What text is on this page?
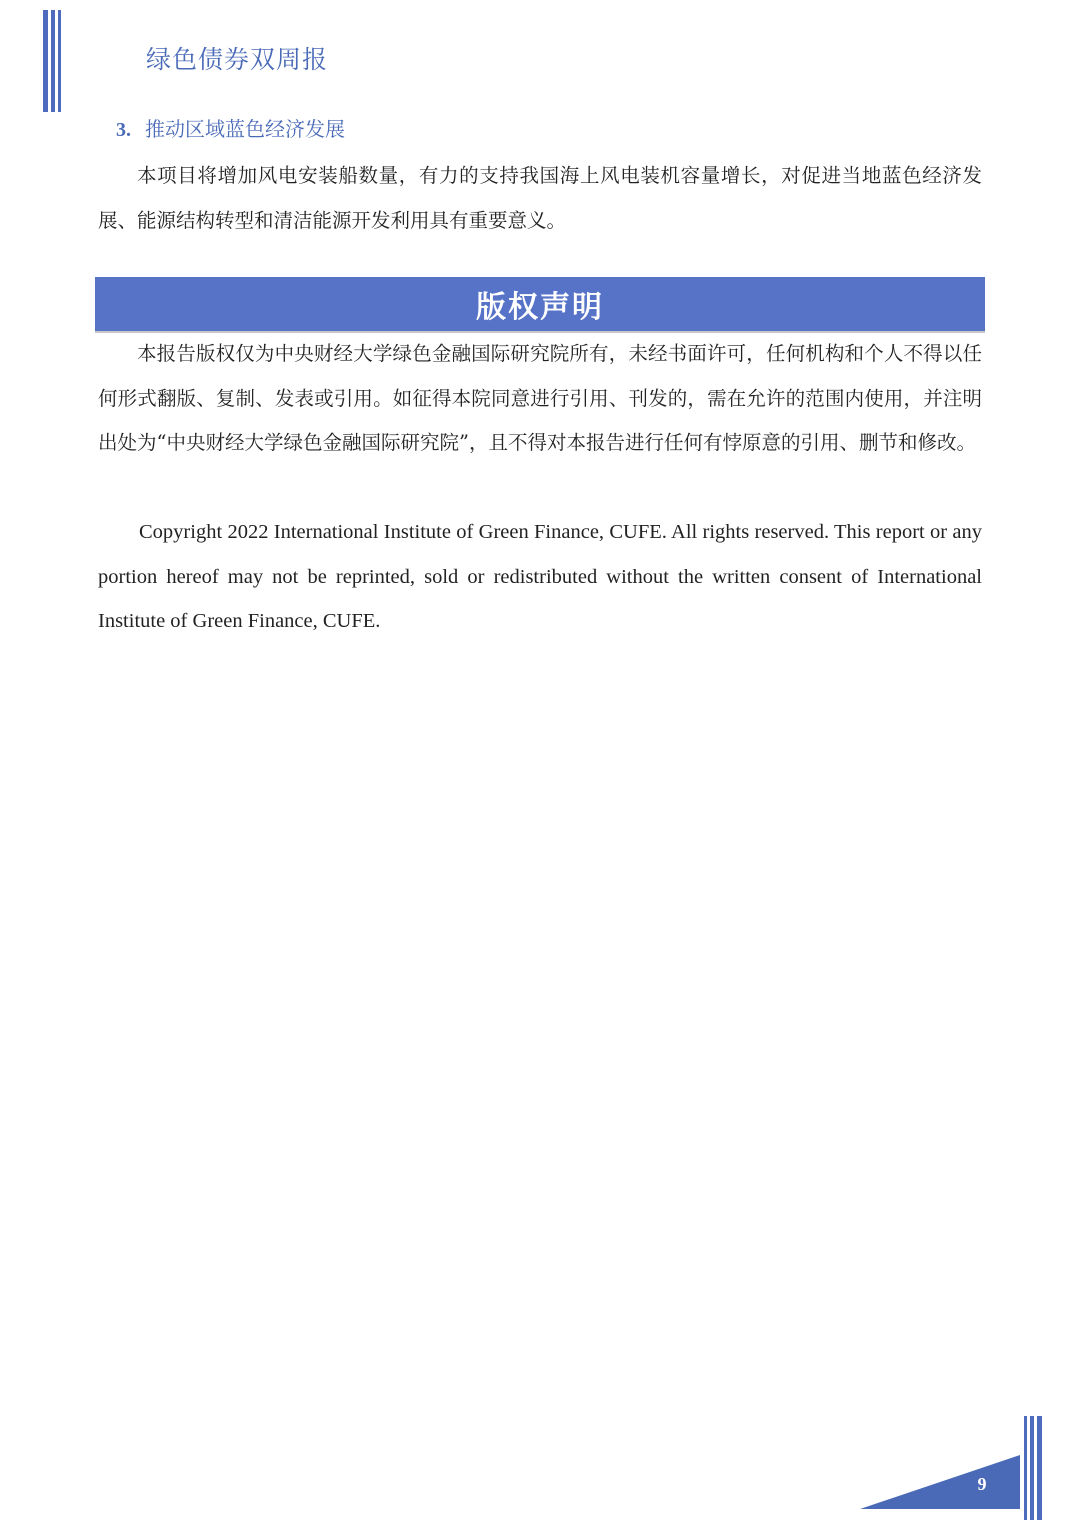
绿色债券双周报
3. 推动区域蓝色经济发展

本项目将增加风电安装船数量，有力的支持我国海上风电装机容量增长，对促进当地蓝色经济发展、能源结构转型和清洁能源开发利用具有重要意义。

版权声明

本报告版权仅为中央财经大学绿色金融国际研究院所有，未经书面许可，任何机构和个人不得以任何形式翻版、复制、发表或引用。如征得本院同意进行引用、刊发的，需在允许的范围内使用，并注明出处为“中央财经大学绿色金融国际研究院”，且不得对本报告进行任何有悖原意的引用、删节和修改。

Copyright 2022 International Institute of Green Finance, CUFE. All rights reserved. This report or any portion hereof may not be reprinted, sold or redistributed without the written consent of International Institute of Green Finance, CUFE.

9
